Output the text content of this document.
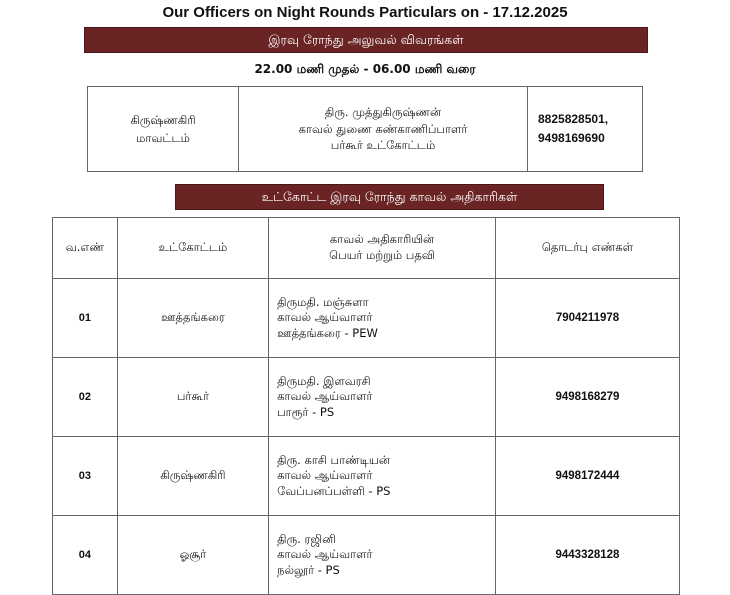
Our Officers on Night Rounds Particulars on - 17.12.2025
இரவு ரோந்து அலுவல் விவரங்கள்
22.00 மணி முதல் - 06.00 மணி வரை
கிருஷ்ணகிரி
மாவட்டம்

திரு. முத்துகிருஷ்ணன்
காவல் துணை கண்காணிப்பாளர்
பர்கூர் உட்கோட்டம்

8825828501,
9498169690
உட்கோட்ட இரவு ரோந்து காவல் அதிகாரிகள்
வ.எண்	உட்கோட்டம்	காவல் அதிகாரியின்
பெயர் மற்றும் பதவி	தொடர்பு எண்கள்
01	ஊத்தங்கரை	திருமதி. மஞ்சுளா
காவல் ஆய்வாளர்
ஊத்தங்கரை - PEW	7904211978
02	பர்கூர்	திருமதி. இளவரசி
காவல் ஆய்வாளர்
பாரூர் - PS	9498168279
03	கிருஷ்ணகிரி	திரு. காசி பாண்டியன்
காவல் ஆய்வாளர்
வேப்பனப்பள்ளி - PS	9498172444
04	ஓசூர்	திரு. ரஜினி
காவல் ஆய்வாளர்
நல்லூர் - PS	9443328128
